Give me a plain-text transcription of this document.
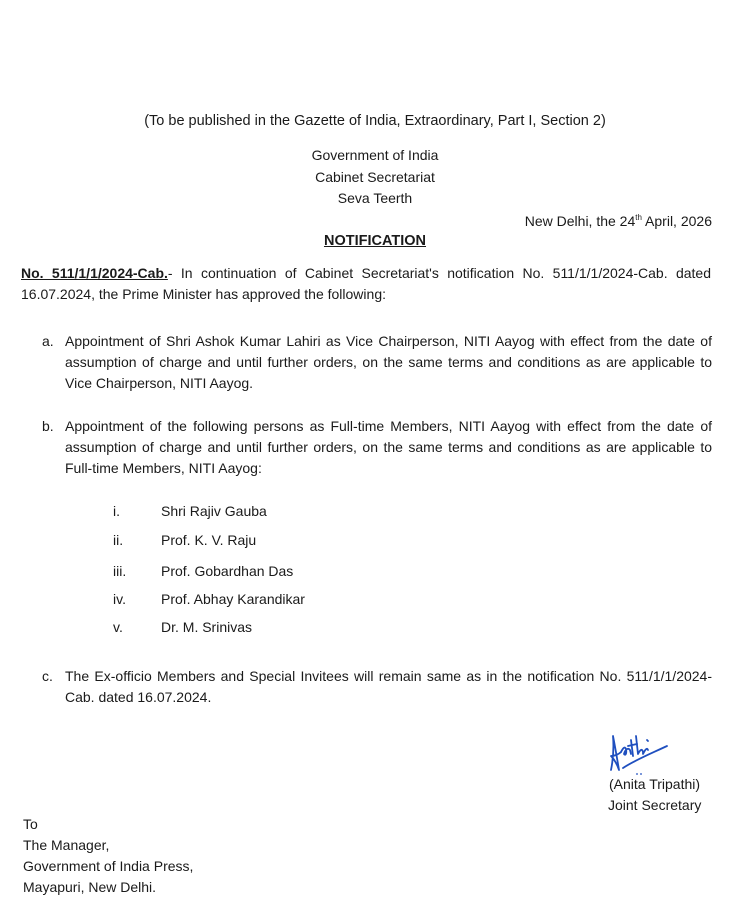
(To be published in the Gazette of India, Extraordinary, Part I, Section 2)
Government of India
Cabinet Secretariat
Seva Teerth
New Delhi, the 24th April, 2026
NOTIFICATION
No. 511/1/1/2024-Cab.- In continuation of Cabinet Secretariat's notification No. 511/1/1/2024-Cab. dated 16.07.2024, the Prime Minister has approved the following:
a. Appointment of Shri Ashok Kumar Lahiri as Vice Chairperson, NITI Aayog with effect from the date of assumption of charge and until further orders, on the same terms and conditions as are applicable to Vice Chairperson, NITI Aayog.
b. Appointment of the following persons as Full-time Members, NITI Aayog with effect from the date of assumption of charge and until further orders, on the same terms and conditions as are applicable to Full-time Members, NITI Aayog:
i.	Shri Rajiv Gauba
ii.	Prof. K. V. Raju
iii. Prof. Gobardhan Das
iv.	Prof. Abhay Karandikar
v.	Dr. M. Srinivas
c. The Ex-officio Members and Special Invitees will remain same as in the notification No. 511/1/1/2024-Cab. dated 16.07.2024.
(Anita Tripathi)
Joint Secretary
To
The Manager,
Government of India Press,
Mayapuri, New Delhi.
